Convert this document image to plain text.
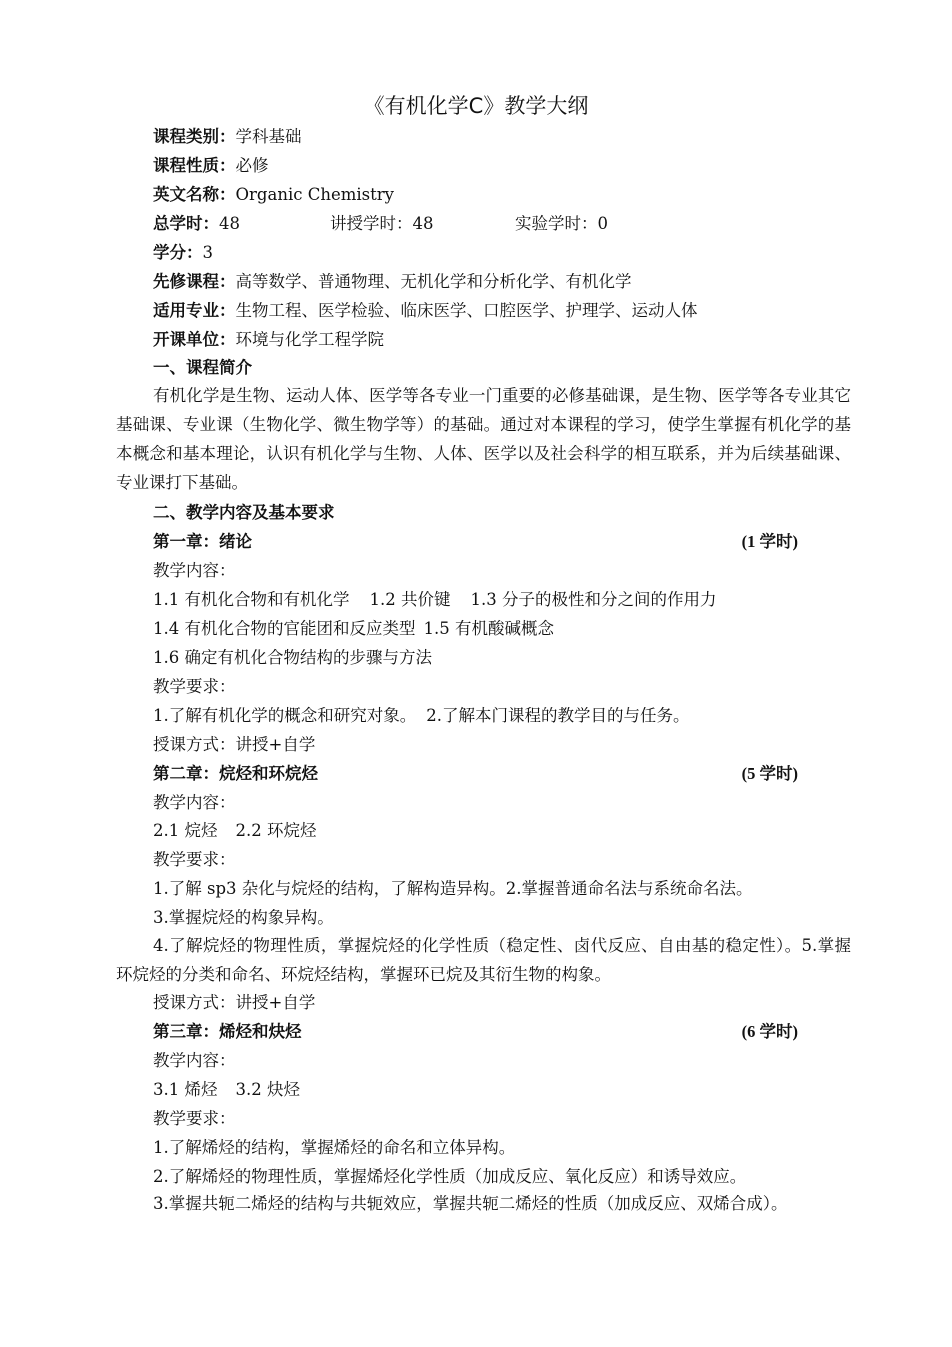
《有机化学C》教学大纲
课程类别：学科基础
课程性质：必修
英文名称：Organic Chemistry
总学时：48	讲授学时：48	实验学时：0
学分：3
先修课程：高等数学、普通物理、无机化学和分析化学、有机化学
适用专业：生物工程、医学检验、临床医学、口腔医学、护理学、运动人体
开课单位：环境与化学工程学院
一、课程简介

有机化学是生物、运动人体、医学等各专业一门重要的必修基础课，是生物、医学等各专业其它基础课、专业课（生物化学、微生物学等）的基础。通过对本课程的学习，使学生掌握有机化学的基本概念和基本理论，认识有机化学与生物、人体、医学以及社会科学的相互联系，并为后续基础课、专业课打下基础。

二、教学内容及基本要求
第一章：绪论	(1 学时)
教学内容：
1.1 有机化合物和有机化学 1.2 共价键 1.3 分子的极性和分之间的作用力
1.4 有机化合物的官能团和反应类型 1.5 有机酸碱概念
1.6 确定有机化合物结构的步骤与方法
教学要求：
1.了解有机化学的概念和研究对象。 2.了解本门课程的教学目的与任务。
授课方式：讲授+自学
第二章：烷烃和环烷烃	(5 学时)
教学内容：
2.1 烷烃 2.2 环烷烃
教学要求：
1.了解 sp3 杂化与烷烃的结构，了解构造异构。2.掌握普通命名法与系统命名法。
3.掌握烷烃的构象异构。

4.了解烷烃的物理性质，掌握烷烃的化学性质（稳定性、卤代反应、自由基的稳定性）。5.掌握环烷烃的分类和命名、环烷烃结构，掌握环已烷及其衍生物的构象。

授课方式：讲授+自学
第三章：烯烃和炔烃	(6 学时)
教学内容：
3.1 烯烃 3.2 炔烃
教学要求：
1.了解烯烃的结构，掌握烯烃的命名和立体异构。
2.了解烯烃的物理性质，掌握烯烃化学性质（加成反应、氧化反应）和诱导效应。

3.掌握共轭二烯烃的结构与共轭效应，掌握共轭二烯烃的性质（加成反应、双烯合成）。
